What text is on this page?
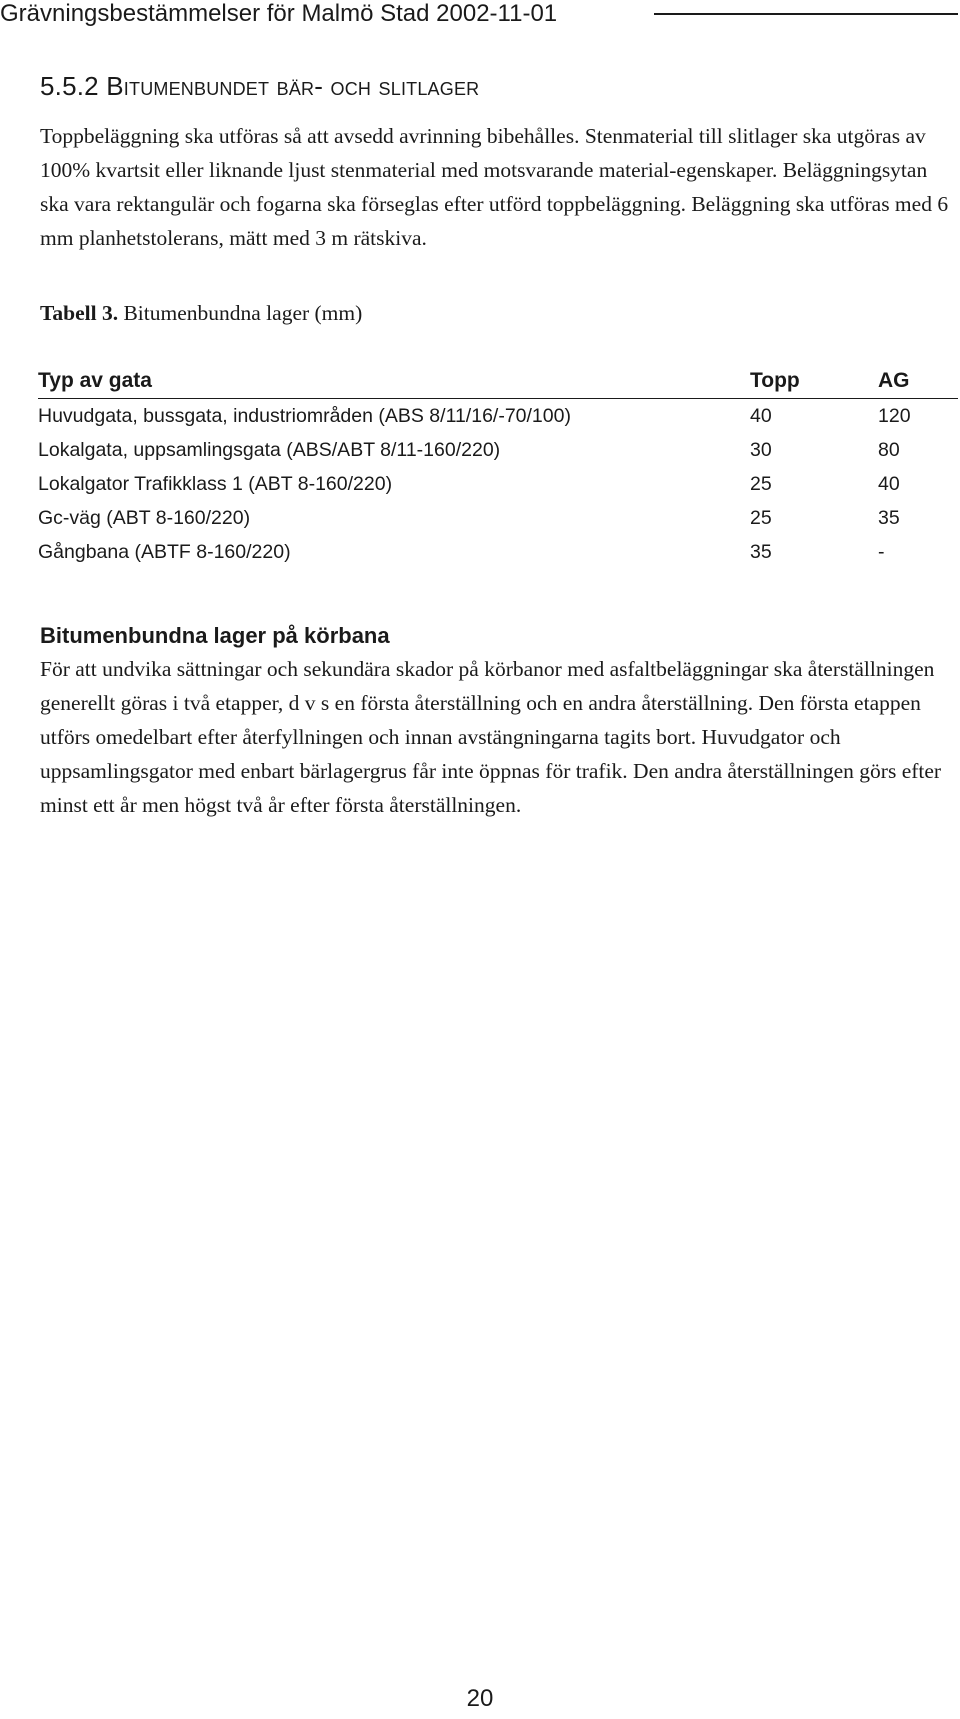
Grävningsbestämmelser för Malmö Stad 2002-11-01
5.5.2 Bitumenbundet bär- och slitlager

Toppbeläggning ska utföras så att avsedd avrinning bibehålles. Stenmaterial till slitlager ska utgöras av 100% kvartsit eller liknande ljust stenmaterial med motsvarande material-egenskaper. Beläggningsytan ska vara rektangulär och fogarna ska förseglas efter utförd toppbeläggning. Beläggning ska utföras med 6 mm planhetstolerans, mätt med 3 m rätskiva.

Tabell 3. Bitumenbundna lager (mm)
Typ av gata	Topp	AG
Huvudgata, bussgata, industriområden (ABS 8/11/16/-70/100)	40	120
Lokalgata, uppsamlingsgata (ABS/ABT 8/11-160/220)	30	80
Lokalgator Trafikklass 1 (ABT 8-160/220)	25	40
Gc-väg (ABT 8-160/220)	25	35
Gångbana (ABTF 8-160/220)	35	-
Bitumenbundna lager på körbana

För att undvika sättningar och sekundära skador på körbanor med asfaltbeläggningar ska återställningen generellt göras i två etapper, d v s en första återställning och en andra återställning. Den första etappen utförs omedelbart efter återfyllningen och innan avstängningarna tagits bort. Huvudgator och uppsamlingsgator med enbart bärlagergrus får inte öppnas för trafik. Den andra återställningen görs efter minst ett år men högst två år efter första återställningen.

20
